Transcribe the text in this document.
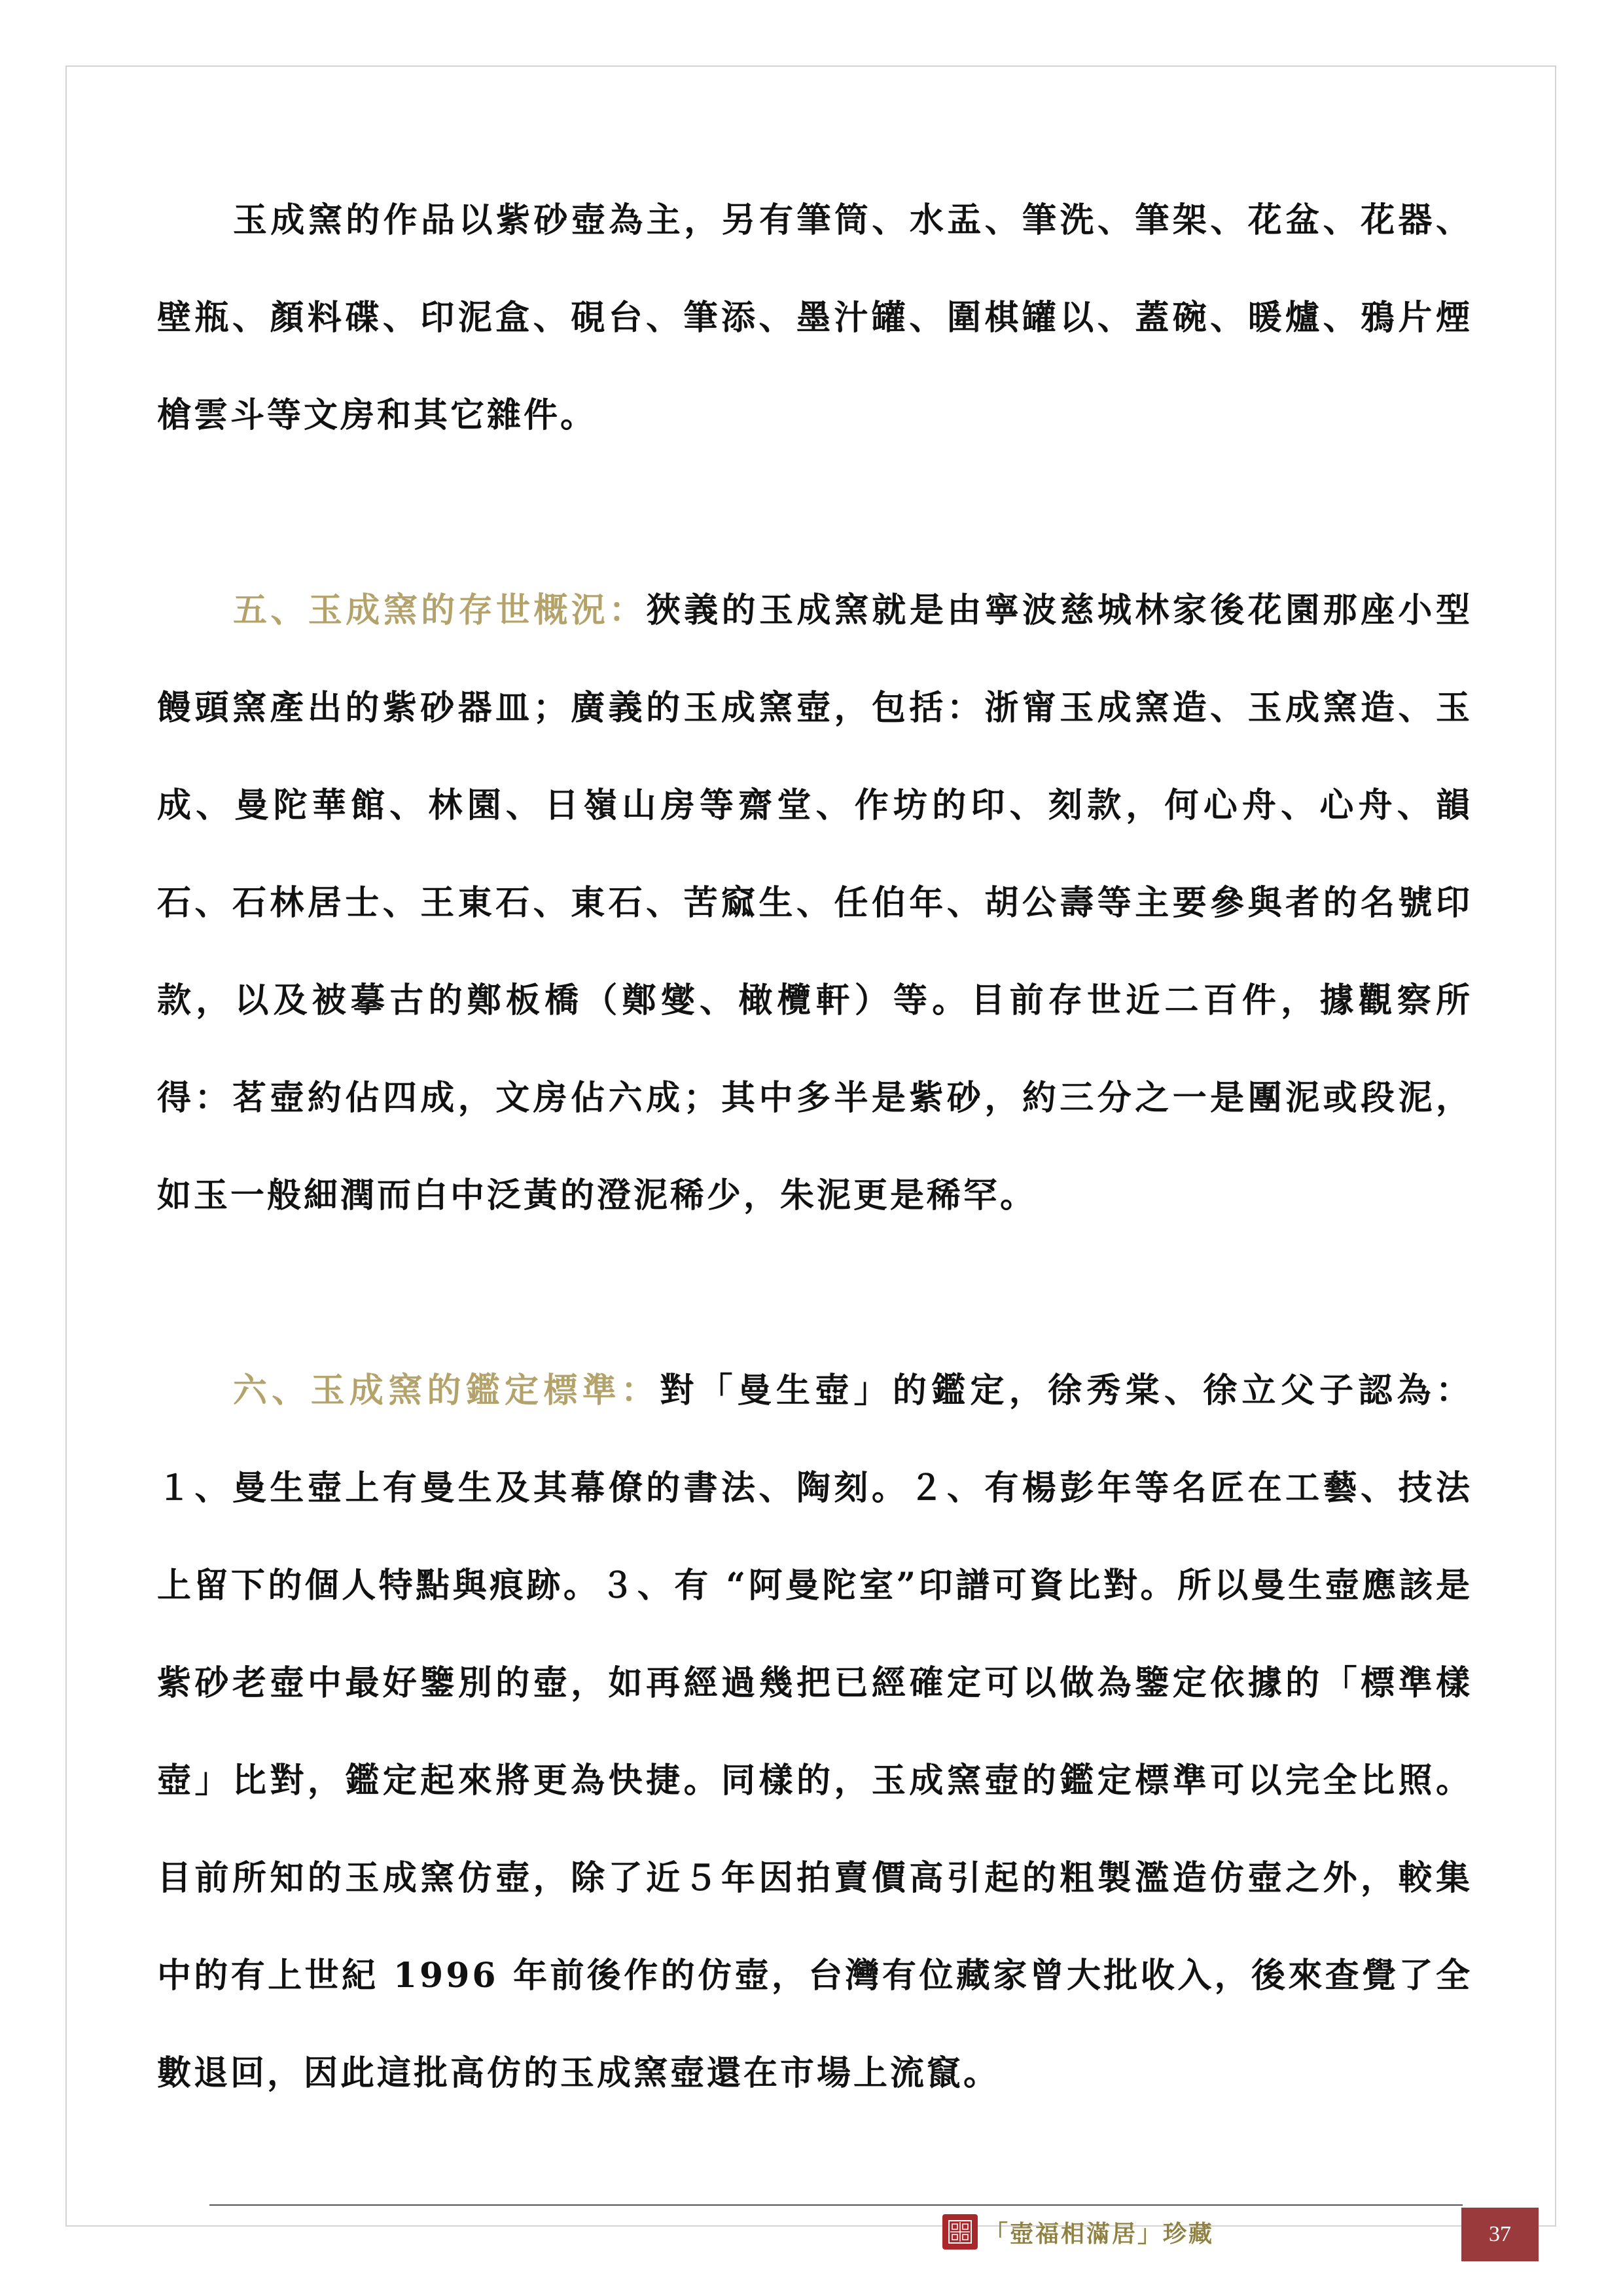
玉成窯的作品以紫砂壺為主，另有筆筒、水盂、筆洗、筆架、花盆、花器、壁瓶、顏料碟、印泥盒、硯台、筆添、墨汁罐、圍棋罐以、蓋碗、暖爐、鴉片煙槍雲斗等文房和其它雜件。

五、玉成窯的存世概況：狹義的玉成窯就是由寧波慈城林家後花園那座小型饅頭窯產出的紫砂器皿；廣義的玉成窯壺，包括：浙甯玉成窯造、玉成窯造、玉成、曼陀華館、林園、日嶺山房等齋堂、作坊的印、刻款，何心舟、心舟、韻石、石林居士、王東石、東石、苦窳生、任伯年、胡公壽等主要參與者的名號印款，以及被摹古的鄭板橋（鄭燮、橄欖軒）等。目前存世近二百件，據觀察所得：茗壺約佔四成，文房佔六成；其中多半是紫砂，約三分之一是團泥或段泥，如玉一般細潤而白中泛黃的澄泥稀少，朱泥更是稀罕。

六、玉成窯的鑑定標準：對「曼生壺」的鑑定，徐秀棠、徐立父子認為：１、曼生壺上有曼生及其幕僚的書法、陶刻。２、有楊彭年等名匠在工藝、技法上留下的個人特點與痕跡。３、有 “阿曼陀室”印譜可資比對。所以曼生壺應該是紫砂老壺中最好鑒別的壺，如再經過幾把已經確定可以做為鑒定依據的「標準樣壺」比對，鑑定起來將更為快捷。同樣的，玉成窯壺的鑑定標準可以完全比照。目前所知的玉成窯仿壺，除了近５年因拍賣價高引起的粗製濫造仿壺之外，較集中的有上世紀 1996 年前後作的仿壺，台灣有位藏家曾大批收入，後來查覺了全數退回，因此這批高仿的玉成窯壺還在市場上流竄。

「壺福相滿居」珍藏	37
